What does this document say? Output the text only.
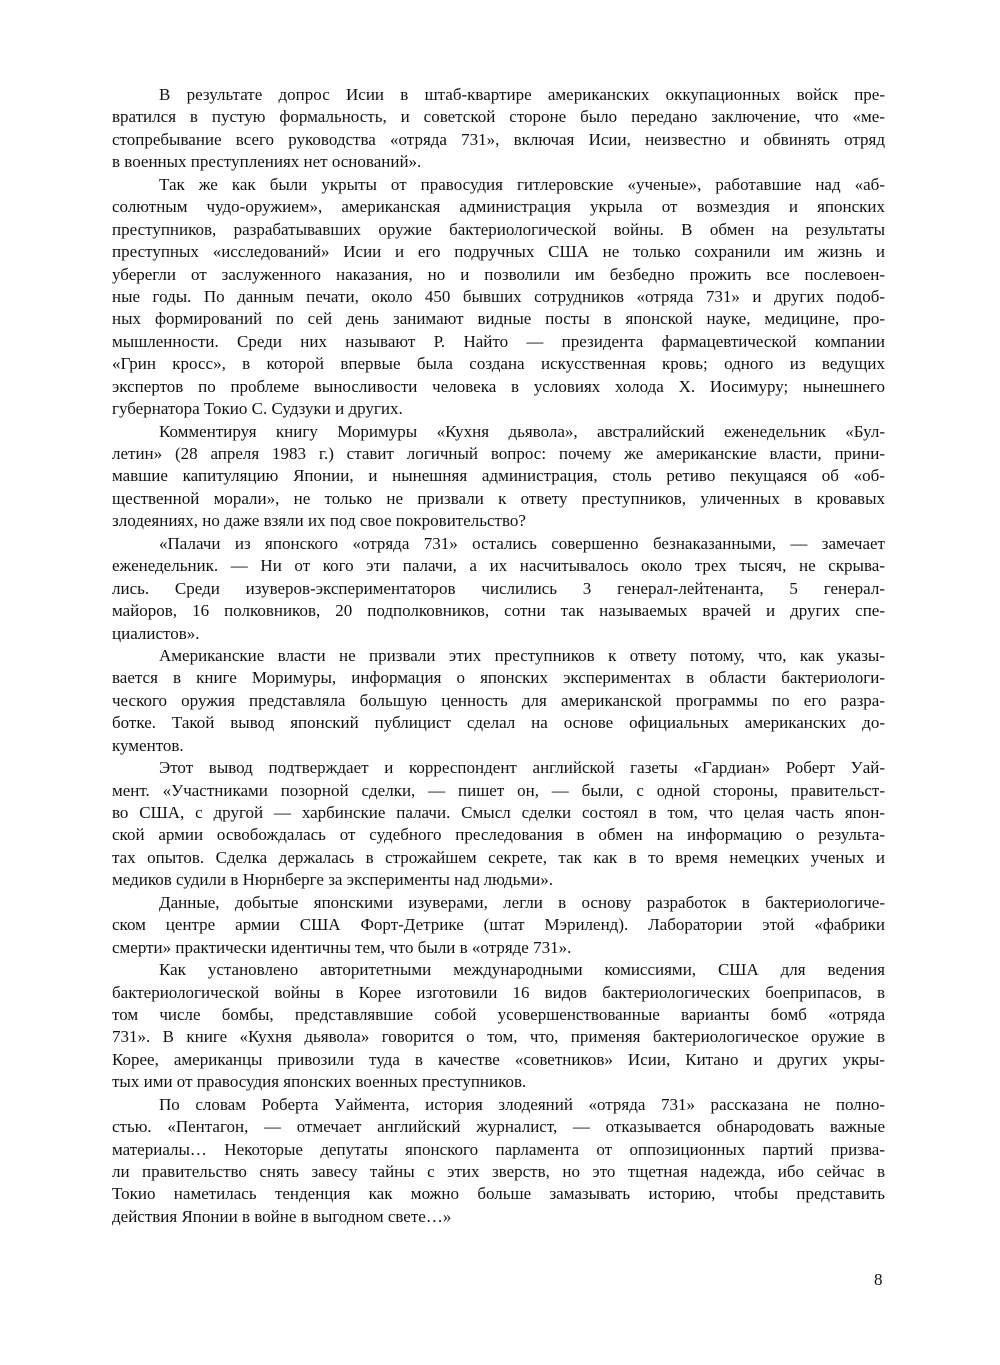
В результате допрос Исии в штаб-квартире американских оккупационных войск пре-
вратился в пустую формальность, и советской стороне было передано заключение, что «ме-
стопребывание всего руководства «отряда 731», включая Исии, неизвестно и обвинять отряд
в военных преступлениях нет оснований».
Так же как были укрыты от правосудия гитлеровские «ученые», работавшие над «аб-
солютным чудо-оружием», американская администрация укрыла от возмездия и японских
преступников, разрабатывавших оружие бактериологической войны. В обмен на результаты
преступных «исследований» Исии и его подручных США не только сохранили им жизнь и
уберегли от заслуженного наказания, но и позволили им безбедно прожить все послевоен-
ные годы. По данным печати, около 450 бывших сотрудников «отряда 731» и других подоб-
ных формирований по сей день занимают видные посты в японской науке, медицине, про-
мышленности. Среди них называют Р. Найто — президента фармацевтической компании
«Грин кросс», в которой впервые была создана искусственная кровь; одного из ведущих
экспертов по проблеме выносливости человека в условиях холода Х. Иосимуру; нынешнего
губернатора Токио С. Судзуки и других.
Комментируя книгу Моримуры «Кухня дьявола», австралийский еженедельник «Бул-
летин» (28 апреля 1983 г.) ставит логичный вопрос: почему же американские власти, прини-
мавшие капитуляцию Японии, и нынешняя администрация, столь ретиво пекущаяся об «об-
щественной морали», не только не призвали к ответу преступников, уличенных в кровавых
злодеяниях, но даже взяли их под свое покровительство?
«Палачи из японского «отряда 731» остались совершенно безнаказанными, — замечает
еженедельник. — Ни от кого эти палачи, а их насчитывалось около трех тысяч, не скрыва-
лись. Среди изуверов-экспериментаторов числились 3 генерал-лейтенанта, 5 генерал-
майоров, 16 полковников, 20 подполковников, сотни так называемых врачей и других спе-
циалистов».
Американские власти не призвали этих преступников к ответу потому, что, как указы-
вается в книге Моримуры, информация о японских экспериментах в области бактериологи-
ческого оружия представляла большую ценность для американской программы по его разра-
ботке. Такой вывод японский публицист сделал на основе официальных американских до-
кументов.
Этот вывод подтверждает и корреспондент английской газеты «Гардиан» Роберт Уай-
мент. «Участниками позорной сделки, — пишет он, — были, с одной стороны, правительст-
во США, с другой — харбинские палачи. Смысл сделки состоял в том, что целая часть япон-
ской армии освобождалась от судебного преследования в обмен на информацию о результа-
тах опытов. Сделка держалась в строжайшем секрете, так как в то время немецких ученых и
медиков судили в Нюрнберге за эксперименты над людьми».
Данные, добытые японскими изуверами, легли в основу разработок в бактериологиче-
ском центре армии США Форт-Детрике (штат Мэриленд). Лаборатории этой «фабрики
смерти» практически идентичны тем, что были в «отряде 731».
Как установлено авторитетными международными комиссиями, США для ведения
бактериологической войны в Корее изготовили 16 видов бактериологических боеприпасов, в
том числе бомбы, представлявшие собой усовершенствованные варианты бомб «отряда
731». В книге «Кухня дьявола» говорится о том, что, применяя бактериологическое оружие в
Корее, американцы привозили туда в качестве «советников» Исии, Китано и других укры-
тых ими от правосудия японских военных преступников.
По словам Роберта Уаймента, история злодеяний «отряда 731» рассказана не полно-
стью. «Пентагон, — отмечает английский журналист, — отказывается обнародовать важные
материалы… Некоторые депутаты японского парламента от оппозиционных партий призва-
ли правительство снять завесу тайны с этих зверств, но это тщетная надежда, ибо сейчас в
Токио наметилась тенденция как можно больше замазывать историю, чтобы представить
действия Японии в войне в выгодном свете…»
8
